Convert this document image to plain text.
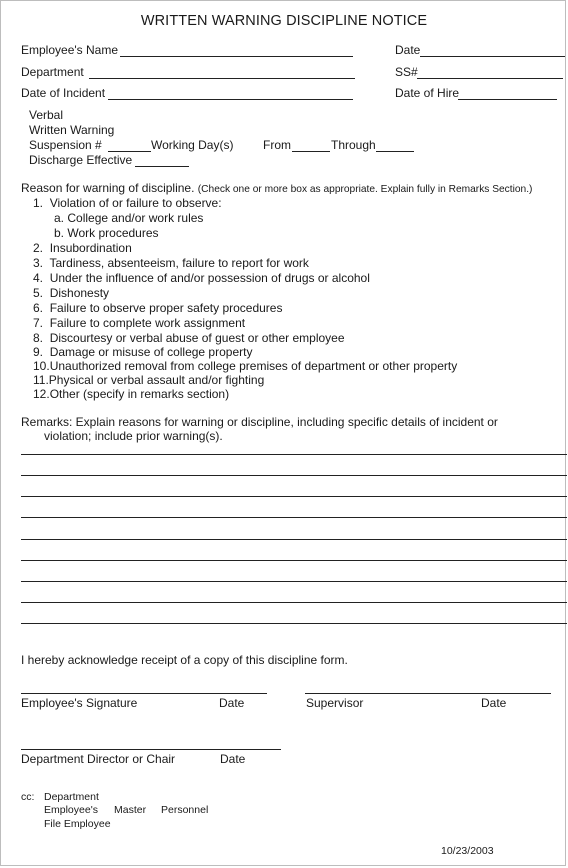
WRITTEN WARNING DISCIPLINE NOTICE
Employee's Name	Date
Department	SS#
Date of Incident	Date of Hire
Verbal
Written Warning
Suspension #	Working Day(s) From	Through
Discharge Effective
Reason for warning of discipline. (Check one or more box as appropriate. Explain fully in Remarks Section.)
1. Violation of or failure to observe:
a. College and/or work rules
b. Work procedures
2. Insubordination
3. Tardiness, absenteeism, failure to report for work
4. Under the influence of and/or possession of drugs or alcohol
5. Dishonesty
6. Failure to observe proper safety procedures
7. Failure to complete work assignment
8. Discourtesy or verbal abuse of guest or other employee
9. Damage or misuse of college property
10.Unauthorized removal from college premises of department or other property
11.Physical or verbal assault and/or fighting
12.Other (specify in remarks section)
Remarks: Explain reasons for warning or discipline, including specific details of incident or
violation; include prior warning(s).
I hereby acknowledge receipt of a copy of this discipline form.
Employee's Signature	Date	Supervisor	Date
Department Director or Chair	Date
cc: Department
Employee's Master Personnel
File Employee
10/23/2003
